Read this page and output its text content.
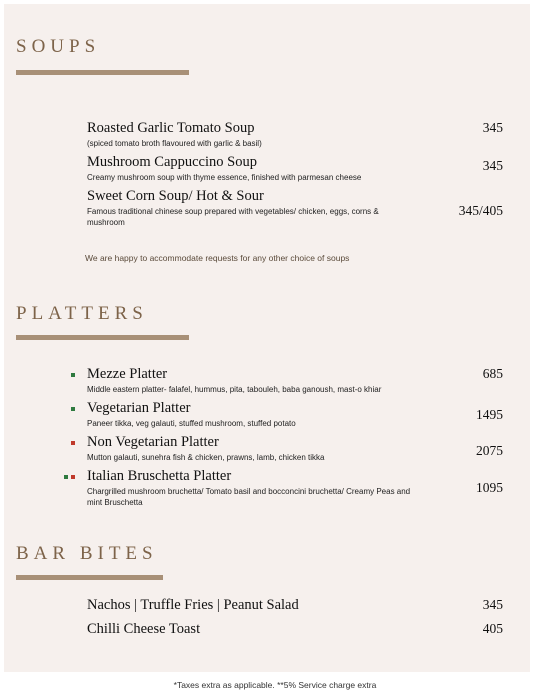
SOUPS
Roasted Garlic Tomato Soup
(spiced tomato broth flavoured with garlic & basil)
345
Mushroom Cappuccino Soup
Creamy mushroom soup with thyme essence, finished with parmesan cheese
345
Sweet Corn Soup/ Hot & Sour
Famous traditional chinese soup prepared with vegetables/ chicken, eggs, corns & mushroom
345/405
We are happy to accommodate requests for any other choice of soups
PLATTERS
Mezze Platter
Middle eastern platter- falafel, hummus, pita, tabouleh, baba ganoush, mast-o khiar
685
Vegetarian Platter
Paneer tikka, veg galauti, stuffed mushroom, stuffed potato
1495
Non Vegetarian Platter
Mutton galauti, sunehra fish & chicken, prawns, lamb, chicken tikka	2075
Italian Bruschetta Platter
Chargrilled mushroom bruchetta/ Tomato basil and bocconcini bruchetta/ Creamy Peas and mint Bruschetta
1095
BAR BITES
Nachos | Truffle Fries | Peanut Salad	345
Chilli Cheese Toast	405
*Taxes extra as applicable. **5% Service charge extra
